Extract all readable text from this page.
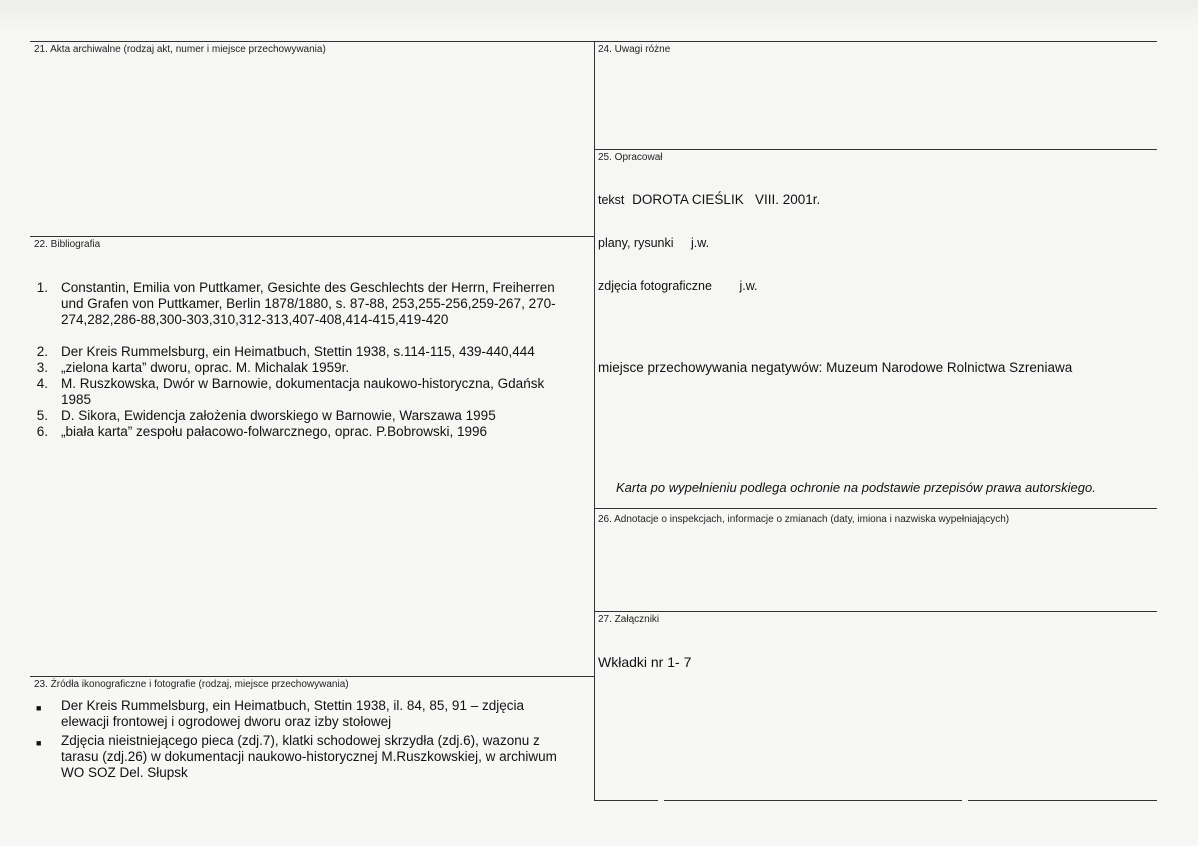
21. Akta archiwalne (rodzaj akt, numer i miejsce przechowywania)
22. Bibliografia
1. Constantin, Emilia von Puttkamer, Gesichte des Geschlechts der Herrn, Freiherren
und Grafen von Puttkamer, Berlin 1878/1880, s. 87-88, 253,255-256,259-267, 270-
274,282,286-88,300-303,310,312-313,407-408,414-415,419-420
2. Der Kreis Rummelsburg, ein Heimatbuch, Stettin 1938, s.114-115, 439-440,444
3. „zielona karta” dworu, oprac. M. Michalak 1959r.
4. M. Ruszkowska, Dwór w Barnowie, dokumentacja naukowo-historyczna, Gdańsk
1985
5. D. Sikora, Ewidencja założenia dworskiego w Barnowie, Warszawa 1995
6. „biała karta” zespołu pałacowo-folwarcznego, oprac. P.Bobrowski, 1996
23. Źródła ikonograficzne i fotografie (rodzaj, miejsce przechowywania)
■ Der Kreis Rummelsburg, ein Heimatbuch, Stettin 1938, il. 84, 85, 91 – zdjęcia
elewacji frontowej i ogrodowej dworu oraz izby stołowej
■ Zdjęcia nieistniejącego pieca (zdj.7), klatki schodowej skrzydła (zdj.6), wazonu z
tarasu (zdj.26) w dokumentacji naukowo-historycznej M.Ruszkowskiej, w archiwum
WO SOZ Del. Słupsk
24. Uwagi różne
25. Opracował
tekst DOROTA CIEŚLIK   VIII. 2001r.
plany, rysunki j.w.
zdjęcia fotograficzne j.w.
miejsce przechowywania negatywów: Muzeum Narodowe Rolnictwa Szreniawa
Karta po wypełnieniu podlega ochronie na podstawie przepisów prawa autorskiego.
26. Adnotacje o inspekcjach, informacje o zmianach (daty, imiona i nazwiska wypełniających)
27. Załączniki
Wkładki nr 1- 7
